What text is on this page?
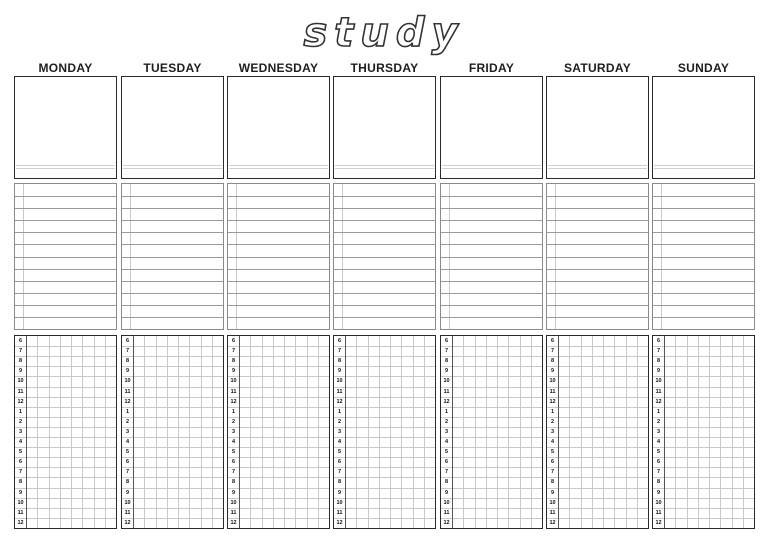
study
MONDAY
6
7
8
9
10
11
12
1
2
3
4
5
6
7
8
9
10
11
12
TUESDAY
6
7
8
9
10
11
12
1
2
3
4
5
6
7
8
9
10
11
12
WEDNESDAY
6
7
8
9
10
11
12
1
2
3
4
5
6
7
8
9
10
11
12
THURSDAY
6
7
8
9
10
11
12
1
2
3
4
5
6
7
8
9
10
11
12
FRIDAY
6
7
8
9
10
11
12
1
2
3
4
5
6
7
8
9
10
11
12
SATURDAY
6
7
8
9
10
11
12
1
2
3
4
5
6
7
8
9
10
11
12
SUNDAY
6
7
8
9
10
11
12
1
2
3
4
5
6
7
8
9
10
11
12
